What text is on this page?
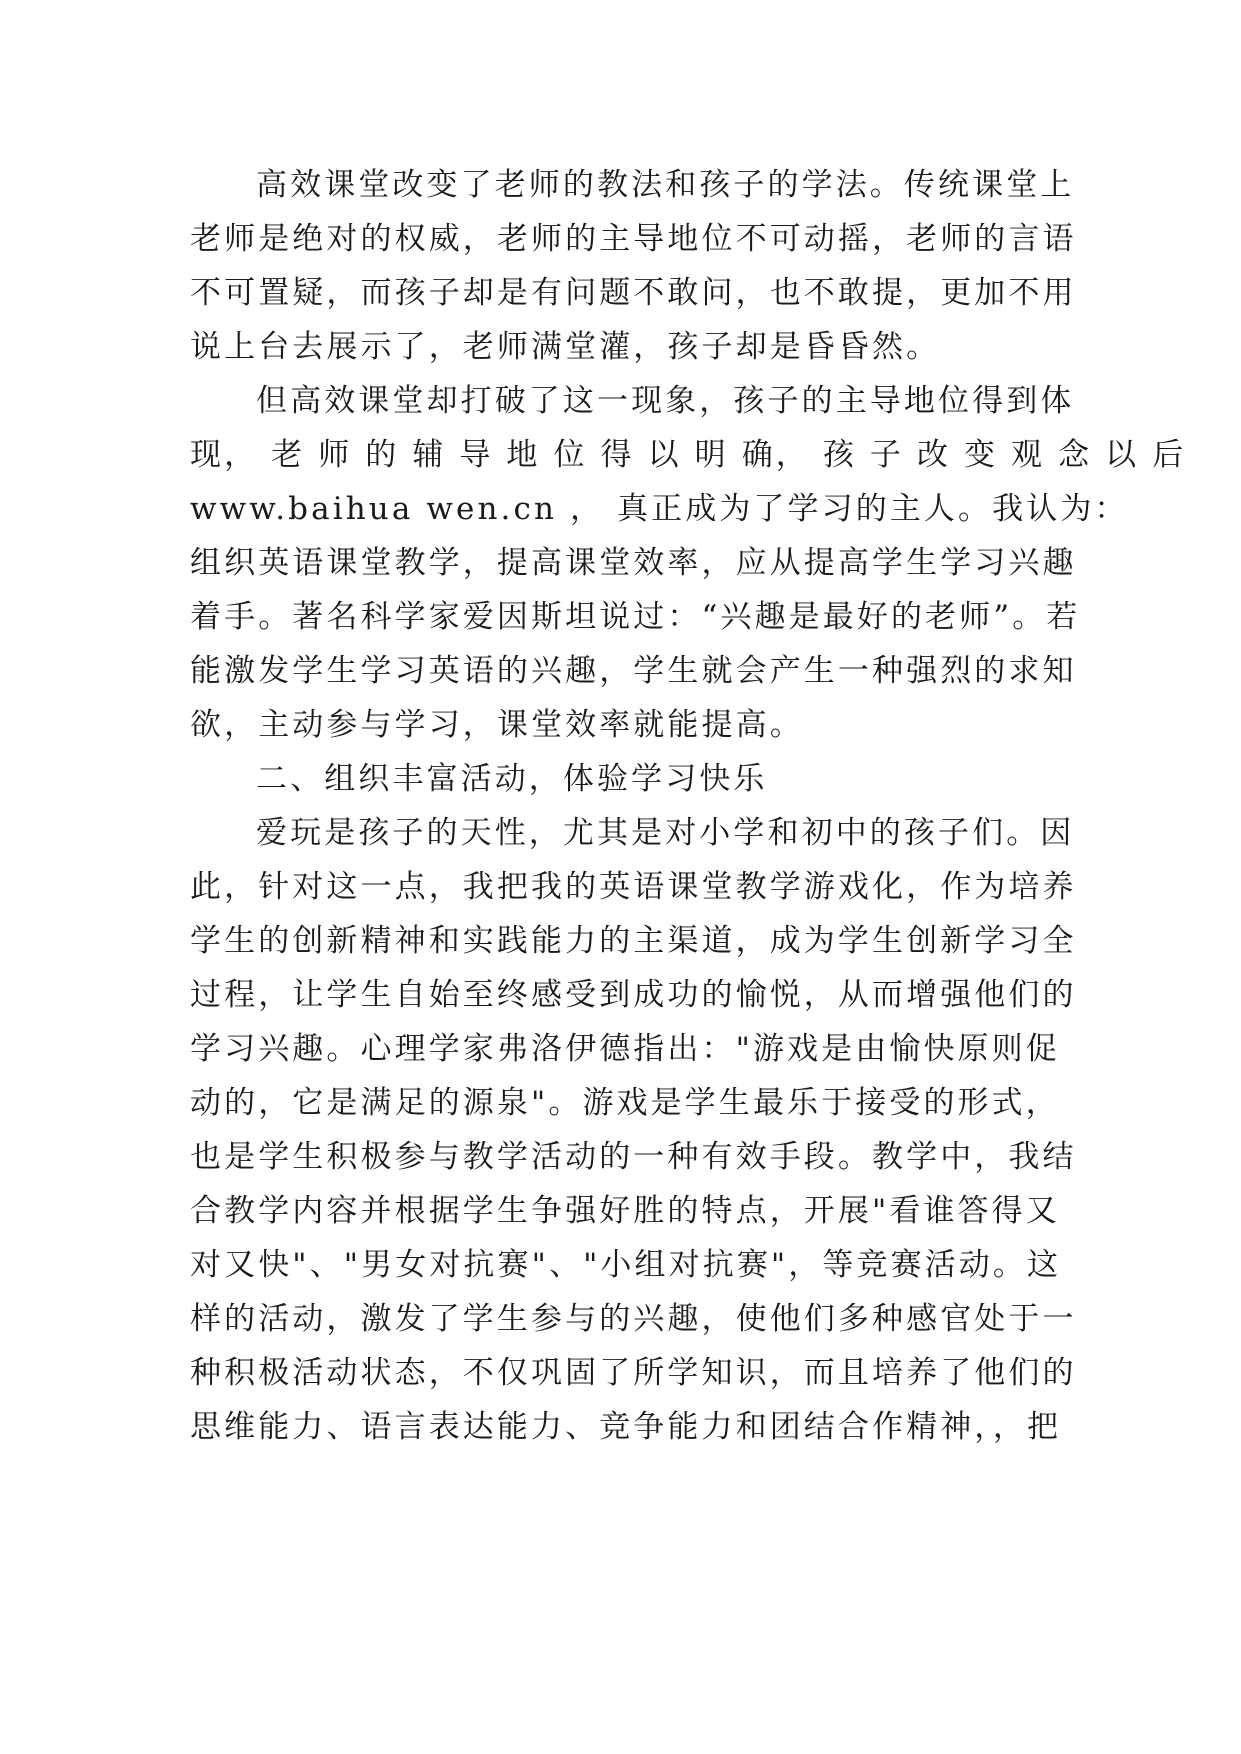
高效课堂改变了老师的教法和孩子的学法。传统课堂上
老师是绝对的权威，老师的主导地位不可动摇，老师的言语
不可置疑，而孩子却是有问题不敢问，也不敢提，更加不用
说上台去展示了，老师满堂灌，孩子却是昏昏然。
但高效课堂却打破了这一现象，孩子的主导地位得到体
现， 老 师 的 辅 导 地 位 得 以 明 确， 孩 子 改 变 观 念 以 后
www.baihua wen.cn ， 真正成为了学习的主人。我认为：
组织英语课堂教学，提高课堂效率，应从提高学生学习兴趣
着手。著名科学家爱因斯坦说过：“兴趣是最好的老师”。若
能激发学生学习英语的兴趣，学生就会产生一种强烈的求知
欲，主动参与学习，课堂效率就能提高。
二、组织丰富活动，体验学习快乐
爱玩是孩子的天性，尤其是对小学和初中的孩子们。因
此，针对这一点，我把我的英语课堂教学游戏化，作为培养
学生的创新精神和实践能力的主渠道，成为学生创新学习全
过程，让学生自始至终感受到成功的愉悦，从而增强他们的
学习兴趣。心理学家弗洛伊德指出："游戏是由愉快原则促
动的，它是满足的源泉"。游戏是学生最乐于接受的形式，
也是学生积极参与教学活动的一种有效手段。教学中，我结
合教学内容并根据学生争强好胜的特点，开展"看谁答得又
对又快"、"男女对抗赛"、"小组对抗赛"，等竞赛活动。这
样的活动，激发了学生参与的兴趣，使他们多种感官处于一
种积极活动状态，不仅巩固了所学知识，而且培养了他们的
思维能力、语言表达能力、竞争能力和团结合作精神，，把
